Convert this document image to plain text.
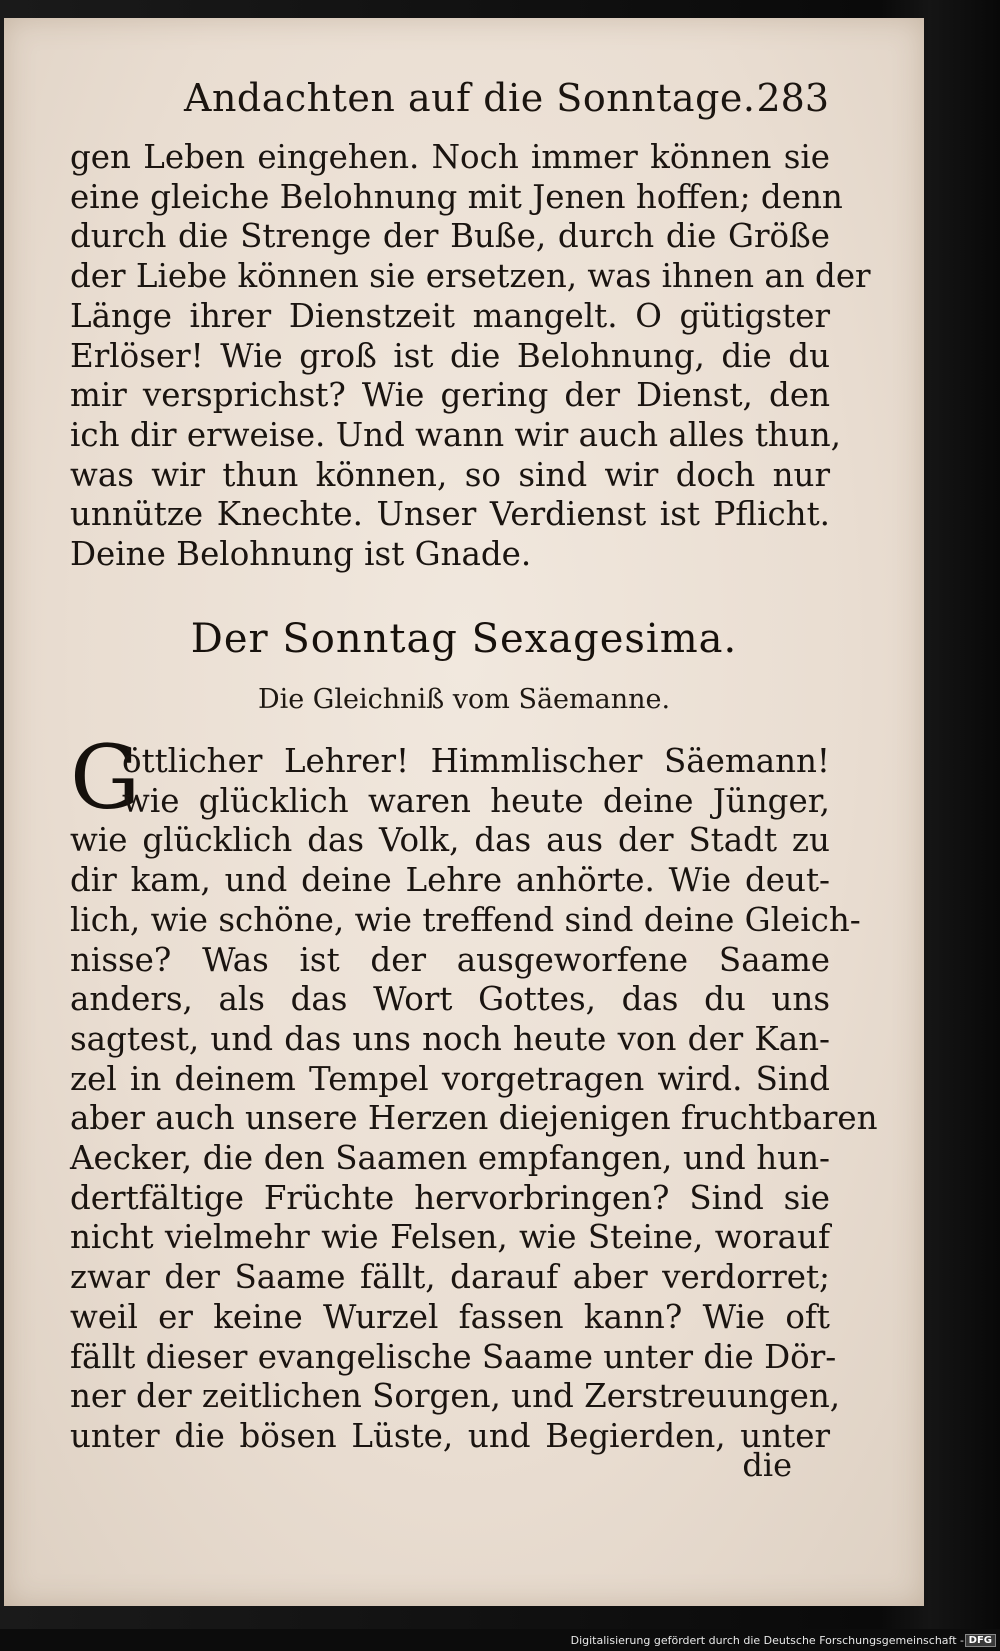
Andachten auf die Sonntage. 283
gen Leben eingehen. Noch immer können sie
eine gleiche Belohnung mit Jenen hoffen; denn
durch die Strenge der Buße, durch die Größe
der Liebe können sie ersetzen, was ihnen an der
Länge ihrer Dienstzeit mangelt. O gütigster
Erlöser! Wie groß ist die Belohnung, die du
mir versprichst? Wie gering der Dienst, den
ich dir erweise. Und wann wir auch alles thun,
was wir thun können, so sind wir doch nur
unnütze Knechte. Unser Verdienst ist Pflicht.
Deine Belohnung ist Gnade.
Der Sonntag Sexagesima.
Die Gleichniß vom Säemanne.
G
öttlicher Lehrer! Himmlischer Säemann!
wie glücklich waren heute deine Jünger,
wie glücklich das Volk, das aus der Stadt zu
dir kam, und deine Lehre anhörte. Wie deut-
lich, wie schöne, wie treffend sind deine Gleich-
nisse? Was ist der ausgeworfene Saame
anders, als das Wort Gottes, das du uns
sagtest, und das uns noch heute von der Kan-
zel in deinem Tempel vorgetragen wird. Sind
aber auch unsere Herzen diejenigen fruchtbaren
Aecker, die den Saamen empfangen, und hun-
dertfältige Früchte hervorbringen? Sind sie
nicht vielmehr wie Felsen, wie Steine, worauf
zwar der Saame fällt, darauf aber verdorret;
weil er keine Wurzel fassen kann? Wie oft
fällt dieser evangelische Saame unter die Dör-
ner der zeitlichen Sorgen, und Zerstreuungen,
unter die bösen Lüste, und Begierden, unter
die
Digitalisierung gefördert durch die Deutsche Forschungsgemeinschaft - DFG
